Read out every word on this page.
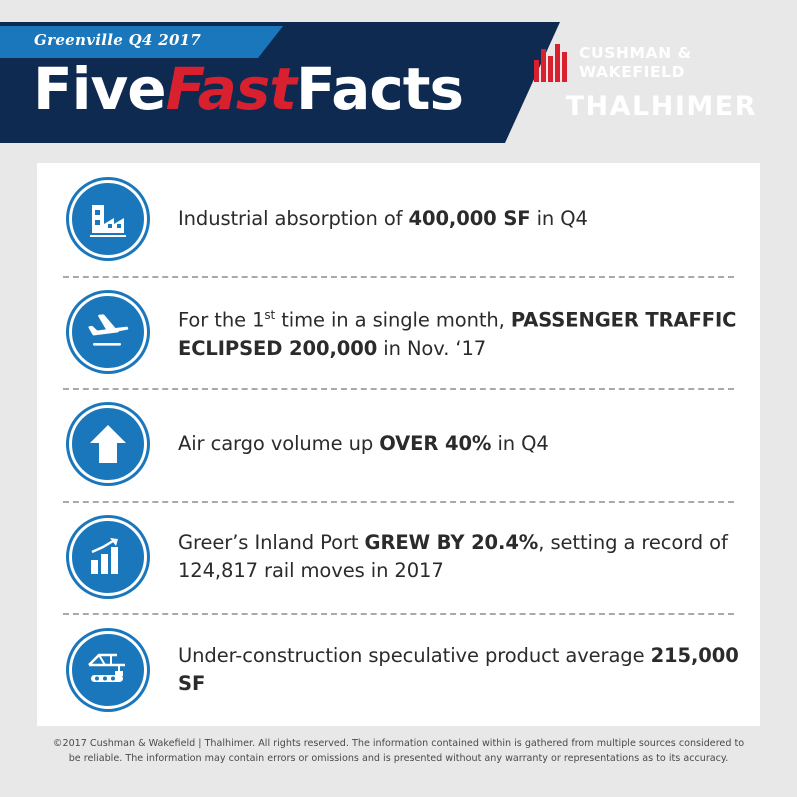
Greenville Q4 2017
FiveFastFacts
CUSHMAN &
WAKEFIELD
THALHIMER
Industrial absorption of 400,000 SF in Q4
For the 1st time in a single month, PASSENGER TRAFFIC ECLIPSED 200,000 in Nov. ‘17
Air cargo volume up OVER 40% in Q4
Greer’s Inland Port GREW BY 20.4%, setting a record of 124,817 rail moves in 2017
Under-construction speculative product average 215,000 SF
©2017 Cushman & Wakefield | Thalhimer. All rights reserved. The information contained within is gathered from multiple sources considered to be reliable. The information may contain errors or omissions and is presented without any warranty or representations as to its accuracy.
